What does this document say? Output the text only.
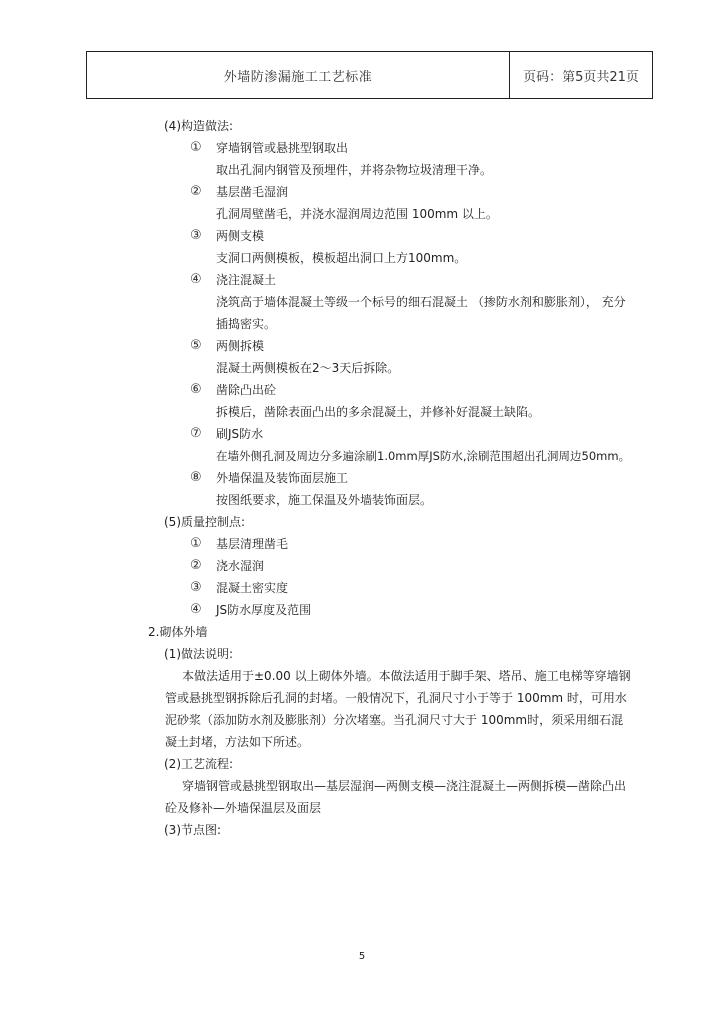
外墙防渗漏施工工艺标准	页码：第5页共21页
(4)构造做法:
① 穿墙钢管或悬挑型钢取出
取出孔洞内钢管及预埋件，并将杂物垃圾清理干净。
② 基层凿毛湿润
孔洞周壁凿毛，并浇水湿润周边范围 100mm 以上。
③ 两侧支模
支洞口两侧模板，模板超出洞口上方100mm。
④ 浇注混凝土
浇筑高于墙体混凝土等级一个标号的细石混凝土 （掺防水剂和膨胀剂）， 充分
插捣密实。
⑤ 两侧拆模
混凝土两侧模板在2～3天后拆除。
⑥ 凿除凸出砼
拆模后，凿除表面凸出的多余混凝土，并修补好混凝土缺陷。
⑦ 刷JS防水
在墙外侧孔洞及周边分多遍涂刷1.0mm厚JS防水,涂刷范围超出孔洞周边50mm。
⑧ 外墙保温及装饰面层施工
按图纸要求，施工保温及外墙装饰面层。
(5)质量控制点:
① 基层清理凿毛
② 浇水湿润
③ 混凝土密实度
④ JS防水厚度及范围
2.砌体外墙
(1)做法说明:
本做法适用于±0.00 以上砌体外墙。本做法适用于脚手架、塔吊、施工电梯等穿墙钢
管或悬挑型钢拆除后孔洞的封堵。一般情况下，孔洞尺寸小于等于 100mm 时，可用水
泥砂浆（添加防水剂及膨胀剂）分次堵塞。当孔洞尺寸大于 100mm时，须采用细石混
凝土封堵，方法如下所述。
(2)工艺流程:
穿墙钢管或悬挑型钢取出—基层湿润—两侧支模—浇注混凝土—两侧拆模—凿除凸出
砼及修补—外墙保温层及面层
(3)节点图:
5
